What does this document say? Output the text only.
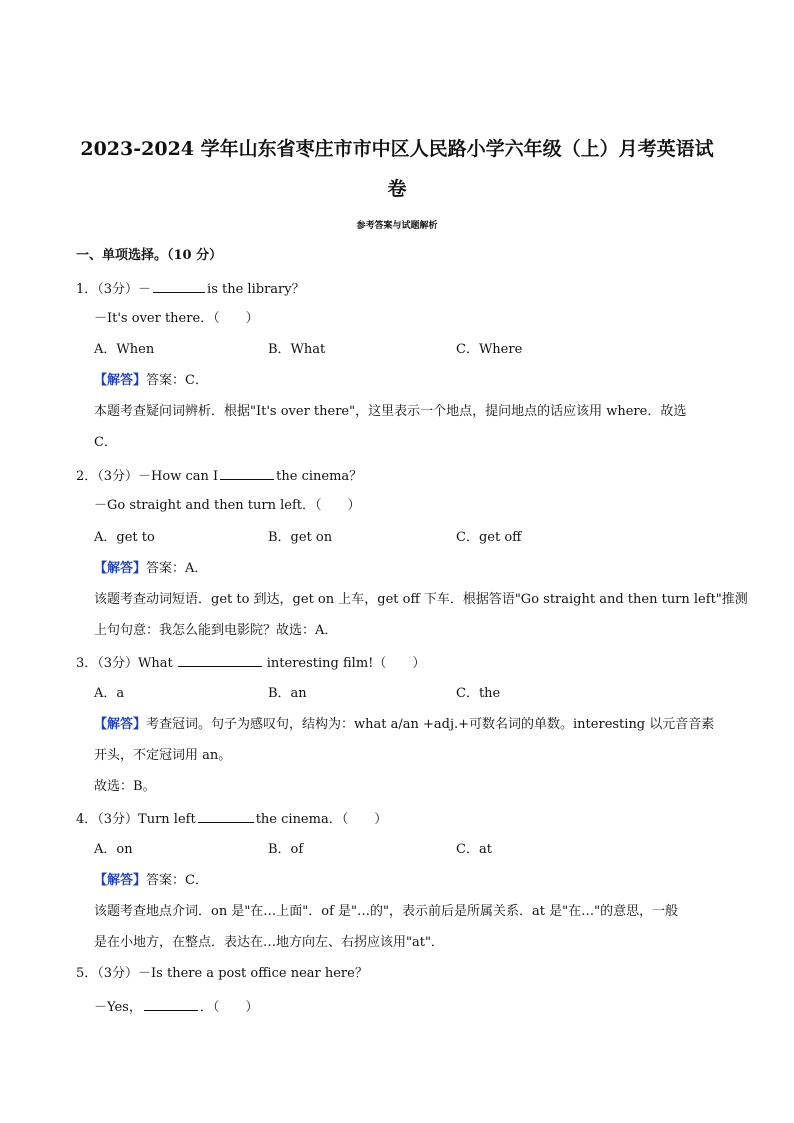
2023-2024 学年山东省枣庄市市中区人民路小学六年级（上）月考英语试
卷
参考答案与试题解析
一、单项选择。（10 分）
1．（3分）－	is the library？
－It's over there．（　　）
A．When	B．What	C．Where
【解答】答案：C．
本题考查疑问词辨析．根据"It's over there"，这里表示一个地点，提问地点的话应该用 where．故选
C．
2．（3分）－How can I	the cinema？
－Go straight and then turn left．（　　）
A．get to	B．get on	C．get off
【解答】答案：A．
该题考查动词短语．get to 到达，get on 上车，get off 下车．根据答语"Go straight and then turn left"推测
上句句意：我怎么能到电影院？故选：A．
3．（3分）What	interesting film!（　　）
A．a	B．an	C．the
【解答】考查冠词。句子为感叹句，结构为：what a/an +adj.+可数名词的单数。interesting 以元音音素
开头，不定冠词用 an。
故选：B。
4．（3分）Turn left	the cinema．（　　）
A．on	B．of	C．at
【解答】答案：C．
该题考查地点介词．on 是"在…上面"．of 是"…的"，表示前后是所属关系．at 是"在…"的意思，一般
是在小地方，在整点．表达在…地方向左、右拐应该用"at"．
5．（3分）－Is there a post office near here？
－Yes，	．（　　）
